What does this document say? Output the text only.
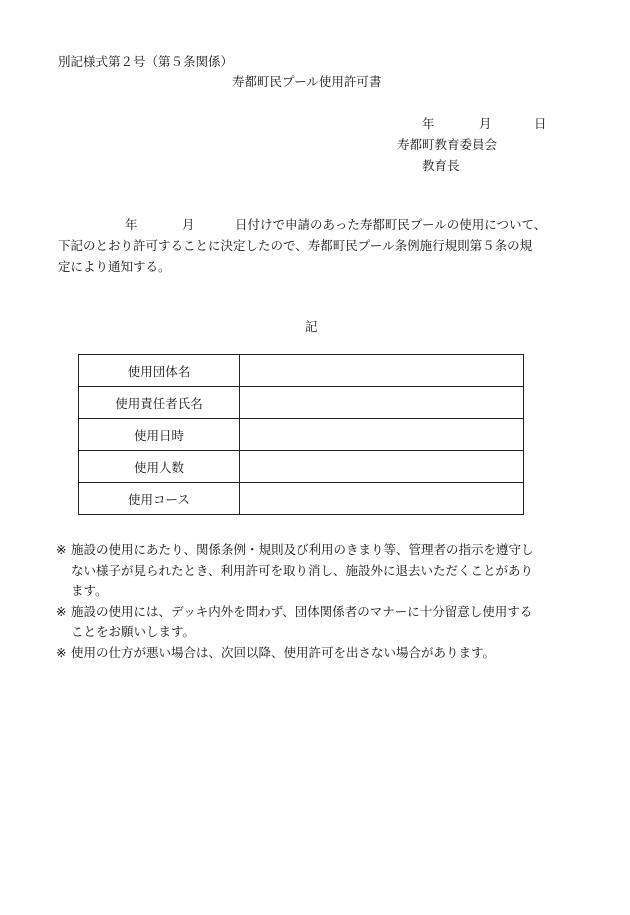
別記様式第２号（第５条関係）
寿都町民プール使用許可書
年	月	日
寿都町教育委員会
教育長
年	月	日付けで申請のあった寿都町民プールの使用について、
下記のとおり許可することに決定したので、寿都町民プール条例施行規則第５条の規
定により通知する。
記
使用団体名	
使用責任者氏名	
使用日時	
使用人数	
使用コース	
※ 施設の使用にあたり、関係条例・規則及び利用のきまり等、管理者の指示を遵守し
ない様子が見られたとき、利用許可を取り消し、施設外に退去いただくことがあり
ます。
※ 施設の使用には、デッキ内外を問わず、団体関係者のマナーに十分留意し使用する
ことをお願いします。
※ 使用の仕方が悪い場合は、次回以降、使用許可を出さない場合があります。
